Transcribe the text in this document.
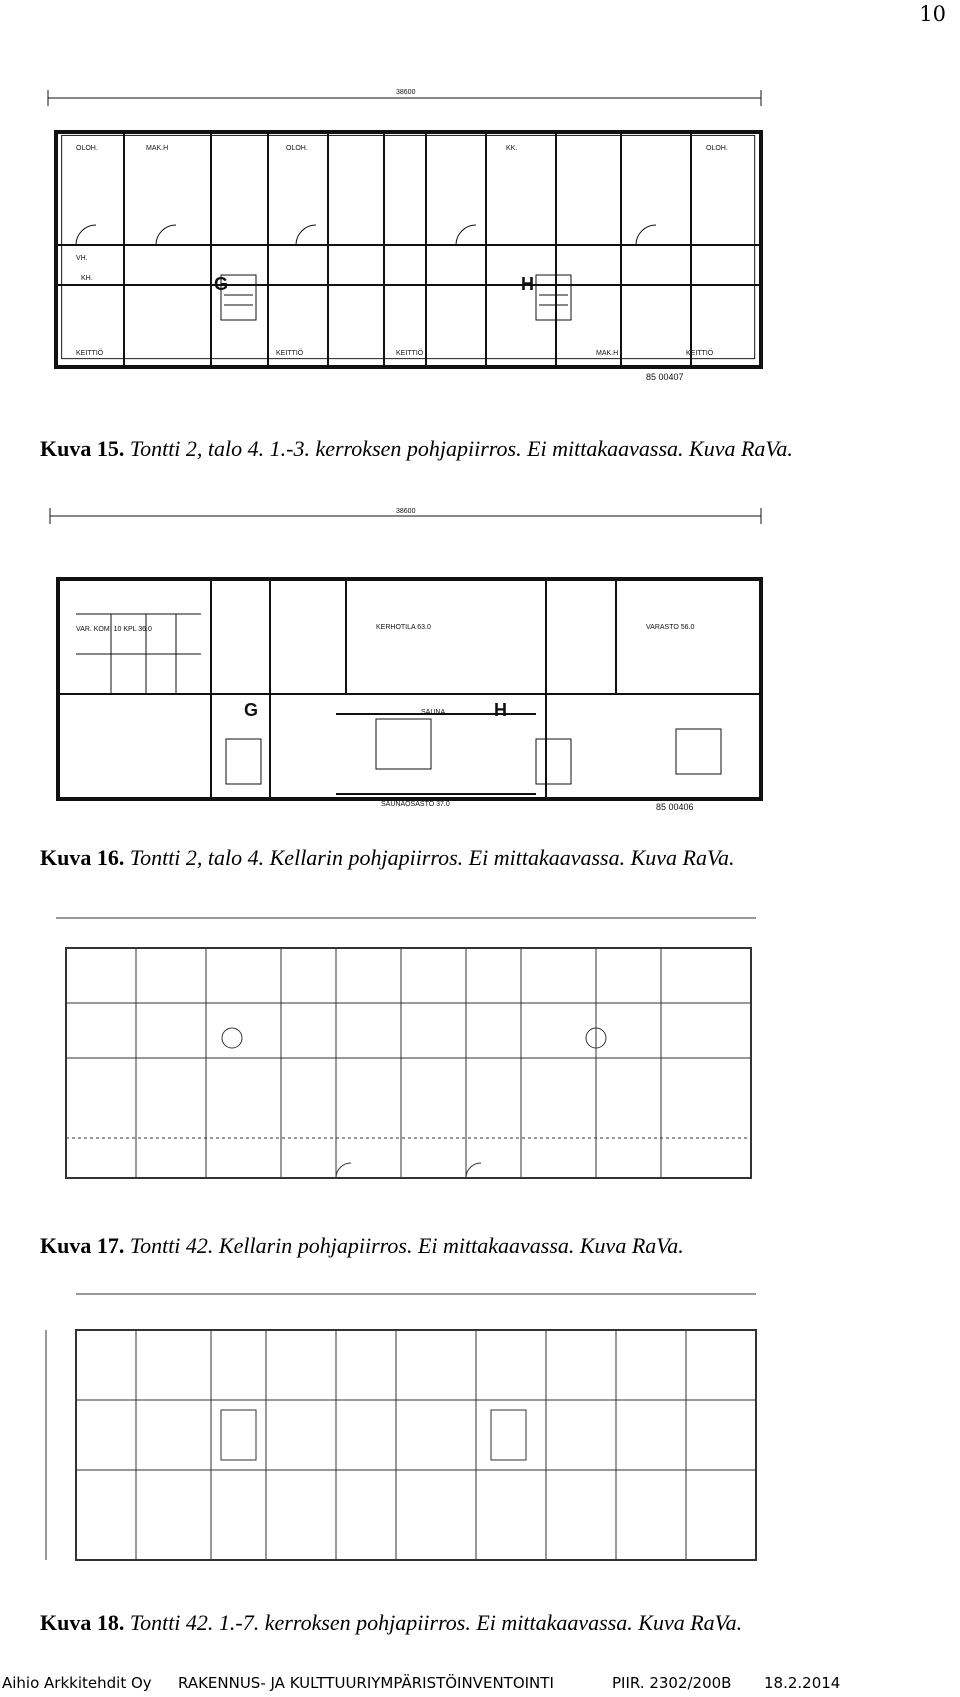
10
38600
OLOH.	MAK.H	OLOH.	KK.	OLOH.
VH.
KH.
KEITTIÖ	KEITTIÖ	KEITTIÖ	KEITTIÖ
MAK.H
85 00407
G	H
Kuva 15. Tontti 2, talo 4. 1.-3. kerroksen pohjapiirros. Ei mittakaavassa. Kuva RaVa.
38600
KERHOTILA 63.0	VARASTO 56.0
VAR. KOM. 10 KPL 36.0
SAUNA
SAUNAOSASTO 37.0	85 00406
G	H
Kuva 16. Tontti 2, talo 4. Kellarin pohjapiirros. Ei mittakaavassa. Kuva RaVa.
Kuva 17. Tontti 42. Kellarin pohjapiirros. Ei mittakaavassa. Kuva RaVa.
Kuva 18. Tontti 42. 1.-7. kerroksen pohjapiirros. Ei mittakaavassa. Kuva RaVa.
Aihio Arkkitehdit Oy RAKENNUS- JA KULTTUURIYMPÄRISTÖINVENTOINTI	PIIR. 2302/200B 18.2.2014
